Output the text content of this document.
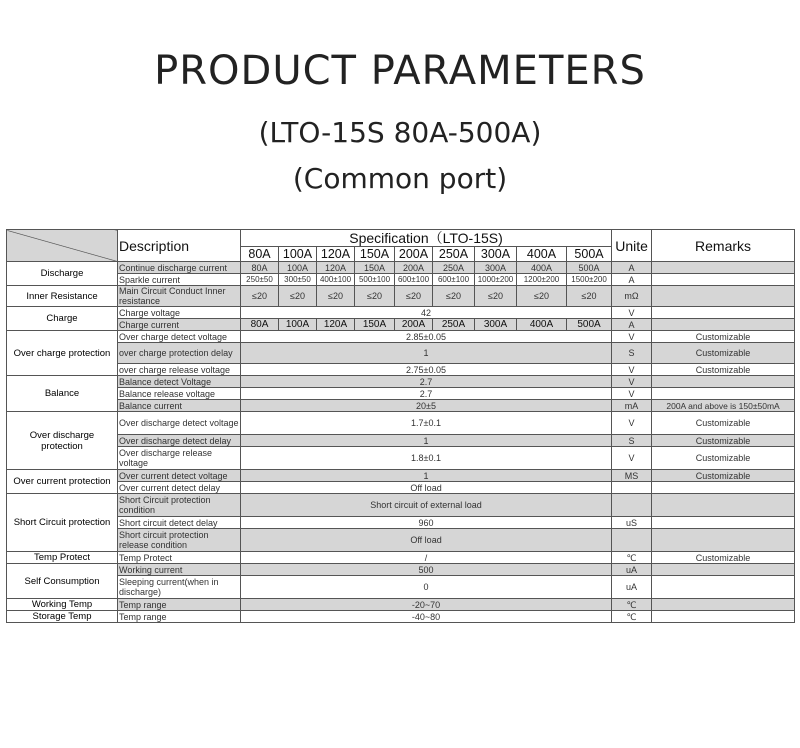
PRODUCT PARAMETERS
(LTO-15S 80A-500A)
(Common port)
	Description	Specification（LTO-15S)									Unite	Remarks
		80A	100A	120A	150A	200A	250A	300A	400A	500A		
Discharge	Continue discharge current	80A	100A	120A	150A	200A	250A	300A	400A	500A	A	
	Sparkle current	250±50	300±50	400±100	500±100	600±100	600±100	1000±200	1200±200	1500±200	A	
Inner Resistance	Main Circuit Conduct Inner resistance	≤20	≤20	≤20	≤20	≤20	≤20	≤20	≤20	≤20	mΩ	
Charge	Charge voltage	42									V	
	Charge current	80A	100A	120A	150A	200A	250A	300A	400A	500A	A	
Over charge protection	Over charge detect voltage	2.85±0.05									V	Customizable
	over charge protection delay	1									S	Customizable
	over charge release voltage	2.75±0.05									V	Customizable
Balance	Balance detect Voltage	2.7									V	
	Balance release voltage	2.7									V	
	Balance current	20±5									mA	200A and above is 150±50mA
Over discharge protection	Over discharge detect voltage	1.7±0.1									V	Customizable
	Over discharge detect delay	1									S	Customizable
	Over discharge release voltage	1.8±0.1									V	Customizable
Over current protection	Over current detect voltage	1									MS	Customizable
	Over current detect delay	Off load										
Short Circuit protection	Short Circuit protection condition	Short circuit of external load										
	Short circuit detect delay	960									uS	
	Short circuit protection release condition	Off load										
Temp Protect	Temp Protect	/									℃	Customizable
Self Consumption	Working current	500									uA	
	Sleeping current(when in discharge)	0									uA	
Working Temp	Temp range	-20~70									℃	
Storage Temp	Temp range	-40~80									℃	
